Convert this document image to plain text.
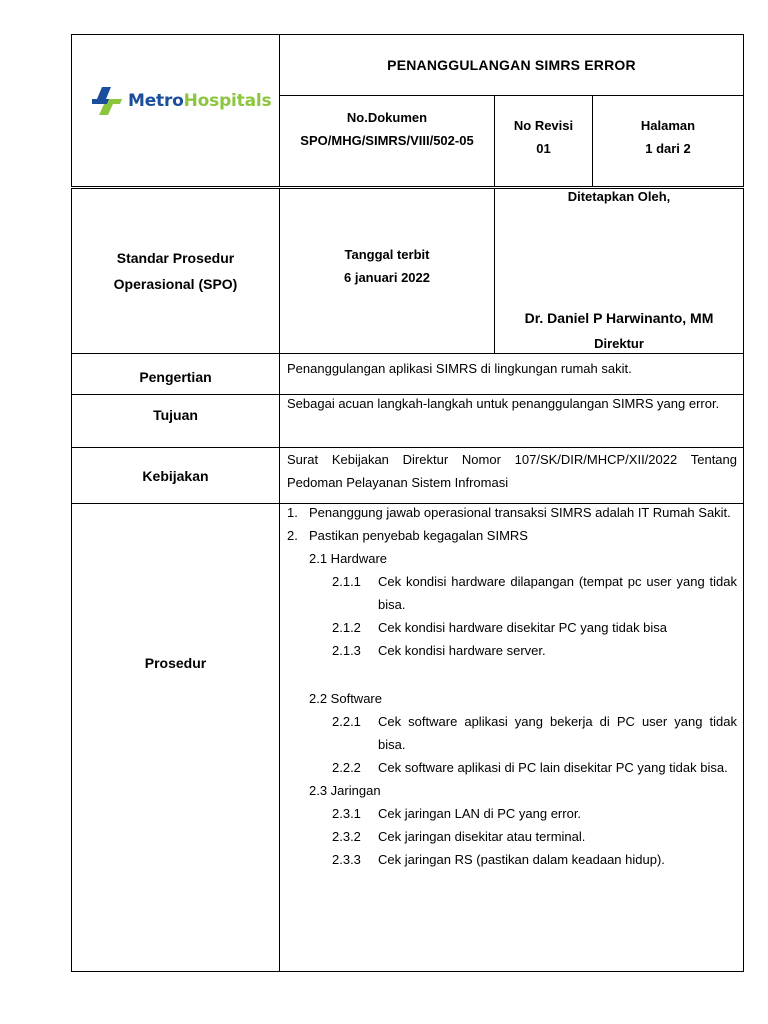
MetroHospitals
PENANGGULANGAN SIMRS ERROR
No.Dokumen
SPO/MHG/SIMRS/VIII/502-05
No Revisi
01
Halaman
1 dari 2
Standar Prosedur Operasional (SPO)
Tanggal terbit
6 januari 2022
Ditetapkan Oleh,
Dr. Daniel P Harwinanto, MM
Direktur
Pengertian
Penanggulangan aplikasi SIMRS di lingkungan rumah sakit.
Tujuan
Sebagai acuan langkah-langkah untuk penanggulangan SIMRS yang error.
Kebijakan
Surat Kebijakan Direktur Nomor 107/SK/DIR/MHCP/XII/2022 Tentang Pedoman Pelayanan Sistem Infromasi
Prosedur
1. Penanggung jawab operasional transaksi SIMRS adalah IT Rumah Sakit.
2. Pastikan penyebab kegagalan SIMRS
2.1 Hardware
2.1.1 Cek kondisi hardware dilapangan (tempat pc user yang tidak bisa.
2.1.2 Cek kondisi hardware disekitar PC yang tidak bisa
2.1.3 Cek kondisi hardware server.
2.2 Software
2.2.1 Cek software aplikasi yang bekerja di PC user yang tidak bisa.
2.2.2 Cek software aplikasi di PC lain disekitar PC yang tidak bisa.
2.3 Jaringan
2.3.1 Cek jaringan LAN di PC yang error.
2.3.2 Cek jaringan disekitar atau terminal.
2.3.3 Cek jaringan RS (pastikan dalam keadaan hidup).
